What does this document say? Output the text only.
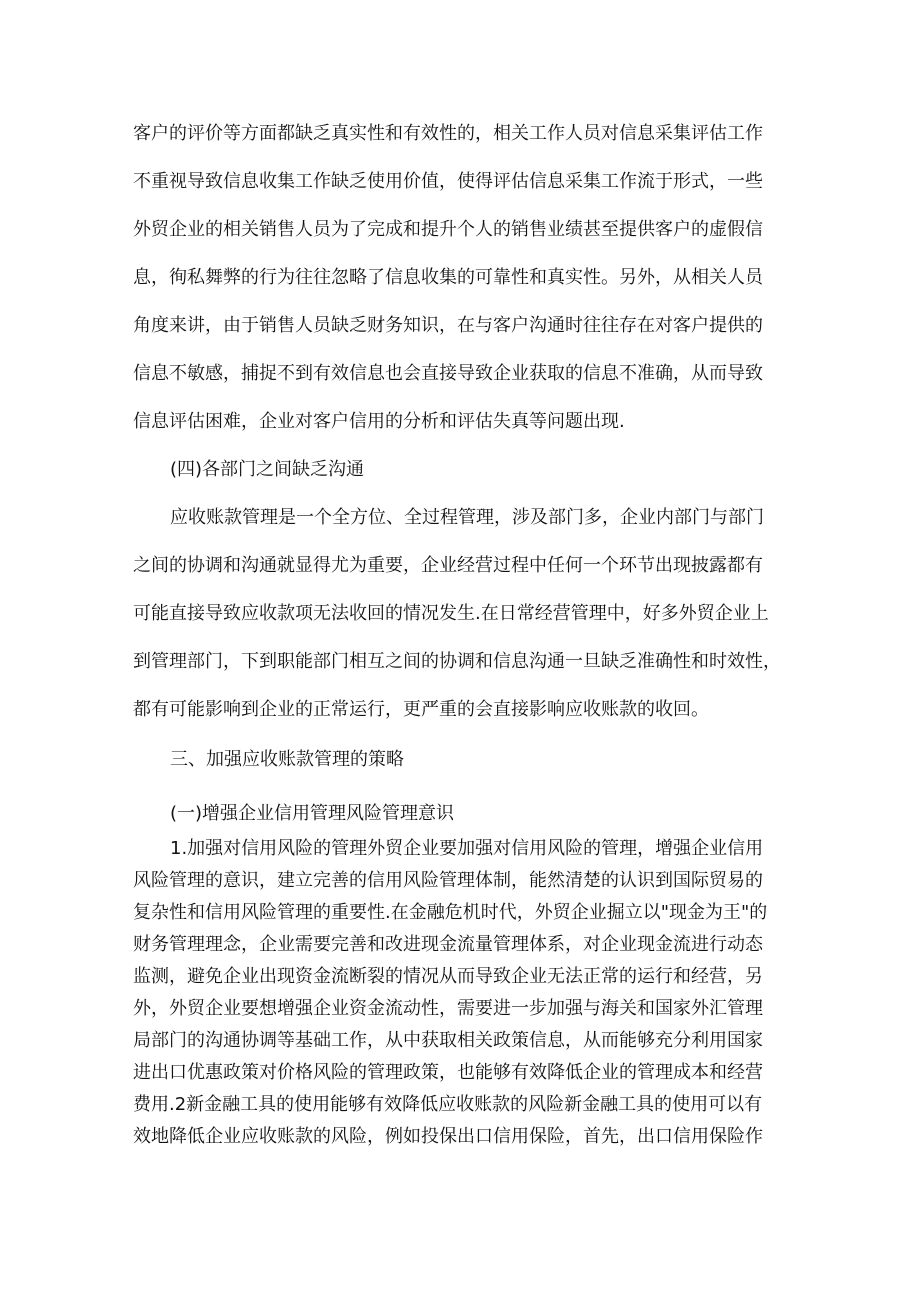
客户的评价等方面都缺乏真实性和有效性的，相关工作人员对信息采集评估工作
不重视导致信息收集工作缺乏使用价值，使得评估信息采集工作流于形式，一些
外贸企业的相关销售人员为了完成和提升个人的销售业绩甚至提供客户的虚假信
息，徇私舞弊的行为往往忽略了信息收集的可靠性和真实性。另外，从相关人员
角度来讲，由于销售人员缺乏财务知识，在与客户沟通时往往存在对客户提供的
信息不敏感，捕捉不到有效信息也会直接导致企业获取的信息不准确，从而导致
信息评估困难，企业对客户信用的分析和评估失真等问题出现.
(四)各部门之间缺乏沟通
应收账款管理是一个全方位、全过程管理，涉及部门多，企业内部门与部门
之间的协调和沟通就显得尤为重要，企业经营过程中任何一个环节出现披露都有
可能直接导致应收款项无法收回的情况发生.在日常经营管理中，好多外贸企业上
到管理部门，下到职能部门相互之间的协调和信息沟通一旦缺乏准确性和时效性，
都有可能影响到企业的正常运行，更严重的会直接影响应收账款的收回。
三、加强应收账款管理的策略
(一)增强企业信用管理风险管理意识
1.加强对信用风险的管理外贸企业要加强对信用风险的管理，增强企业信用
风险管理的意识，建立完善的信用风险管理体制，能然清楚的认识到国际贸易的
复杂性和信用风险管理的重要性.在金融危机时代，外贸企业掘立以"现金为王"的
财务管理理念，企业需要完善和改进现金流量管理体系，对企业现金流进行动态
监测，避免企业出现资金流断裂的情况从而导致企业无法正常的运行和经营，另
外，外贸企业要想增强企业资金流动性，需要进一步加强与海关和国家外汇管理
局部门的沟通协调等基础工作，从中获取相关政策信息，从而能够充分利用国家
进出口优惠政策对价格风险的管理政策，也能够有效降低企业的管理成本和经营
费用.2新金融工具的使用能够有效降低应收账款的风险新金融工具的使用可以有
效地降低企业应收账款的风险，例如投保出口信用保险，首先，出口信用保险作
